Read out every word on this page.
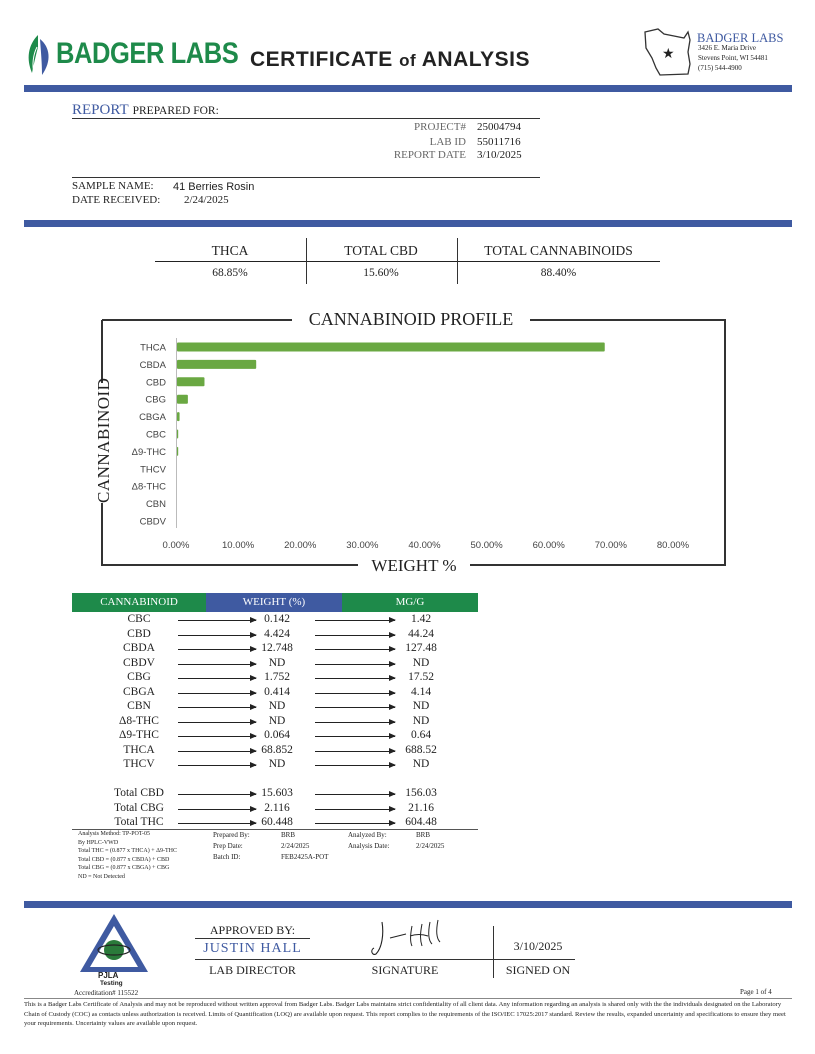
BADGER LABS CERTIFICATE of ANALYSIS	★
BADGER LABS
3426 E. Maria Drive
Stevens Point, WI 54481
(715) 544-4900
REPORT PREPARED FOR:
PROJECT# 25004794
LAB ID 55011716
REPORT DATE 3/10/2025
SAMPLE NAME: 41 Berries Rosin
DATE RECEIVED: 2/24/2025
THCA	TOTAL CBD	TOTAL CANNABINOIDS
68.85%	15.60%	88.40%
THCA
CBDA
CBD
CBG
CBGA
CBC
Δ9-THC
THCV
Δ8-THC
CBN
CBDV
0.00%	10.00%	20.00%	30.00%	40.00%	50.00%	60.00%	70.00%	80.00%
CANNABINOID PROFILE
WEIGHT %
CANNABINOID
CANNABINOID	WEIGHT (%)	MG/G
CBC	0.142	1.42
CBD	4.424	44.24
CBDA	12.748	127.48
CBDV	ND	ND
CBG	1.752	17.52
CBGA	0.414	4.14
CBN	ND	ND
Δ8-THC	ND	ND
Δ9-THC	0.064	0.64
THCA	68.852	688.52
THCV	ND	ND
Total CBD	15.603	156.03
Total CBG	2.116	21.16
Total THC	60.448	604.48
Analysis Method: TP-POT-05
By HPLC-VWD
Total THC = (0.877 x THCA) + Δ9-THC
Total CBD = (0.877 x CBDA) + CBD
Total CBG = (0.877 x CBGA) + CBG
ND = Not Detected
Prepared By:	BRB
Prep Date:	2/24/2025
Batch ID:	FEB2425A-POT
Analyzed By:	BRB
Analysis Date:	2/24/2025
PJLA
Testing
Accreditation# 115522
APPROVED BY:
JUSTIN HALL
LAB DIRECTOR	SIGNATURE
3/10/2025
SIGNED ON
Page 1 of 4
This is a Badger Labs Certificate of Analysis and may not be reproduced without written approval from Badger Labs. Badger Labs maintains strict confidentiality of all client data. Any information regarding an analysis is shared only with the the individuals designated on the Laboratory Chain of Custody (COC) as contacts unless authorization is received. Limits of Quantification (LOQ) are available upon request. This report complies to the requirements of the ISO/IEC 17025:2017 standard. Review the results, expanded uncertainty and specifications to ensure they meet your requirements. Uncertainty values are available upon request.
